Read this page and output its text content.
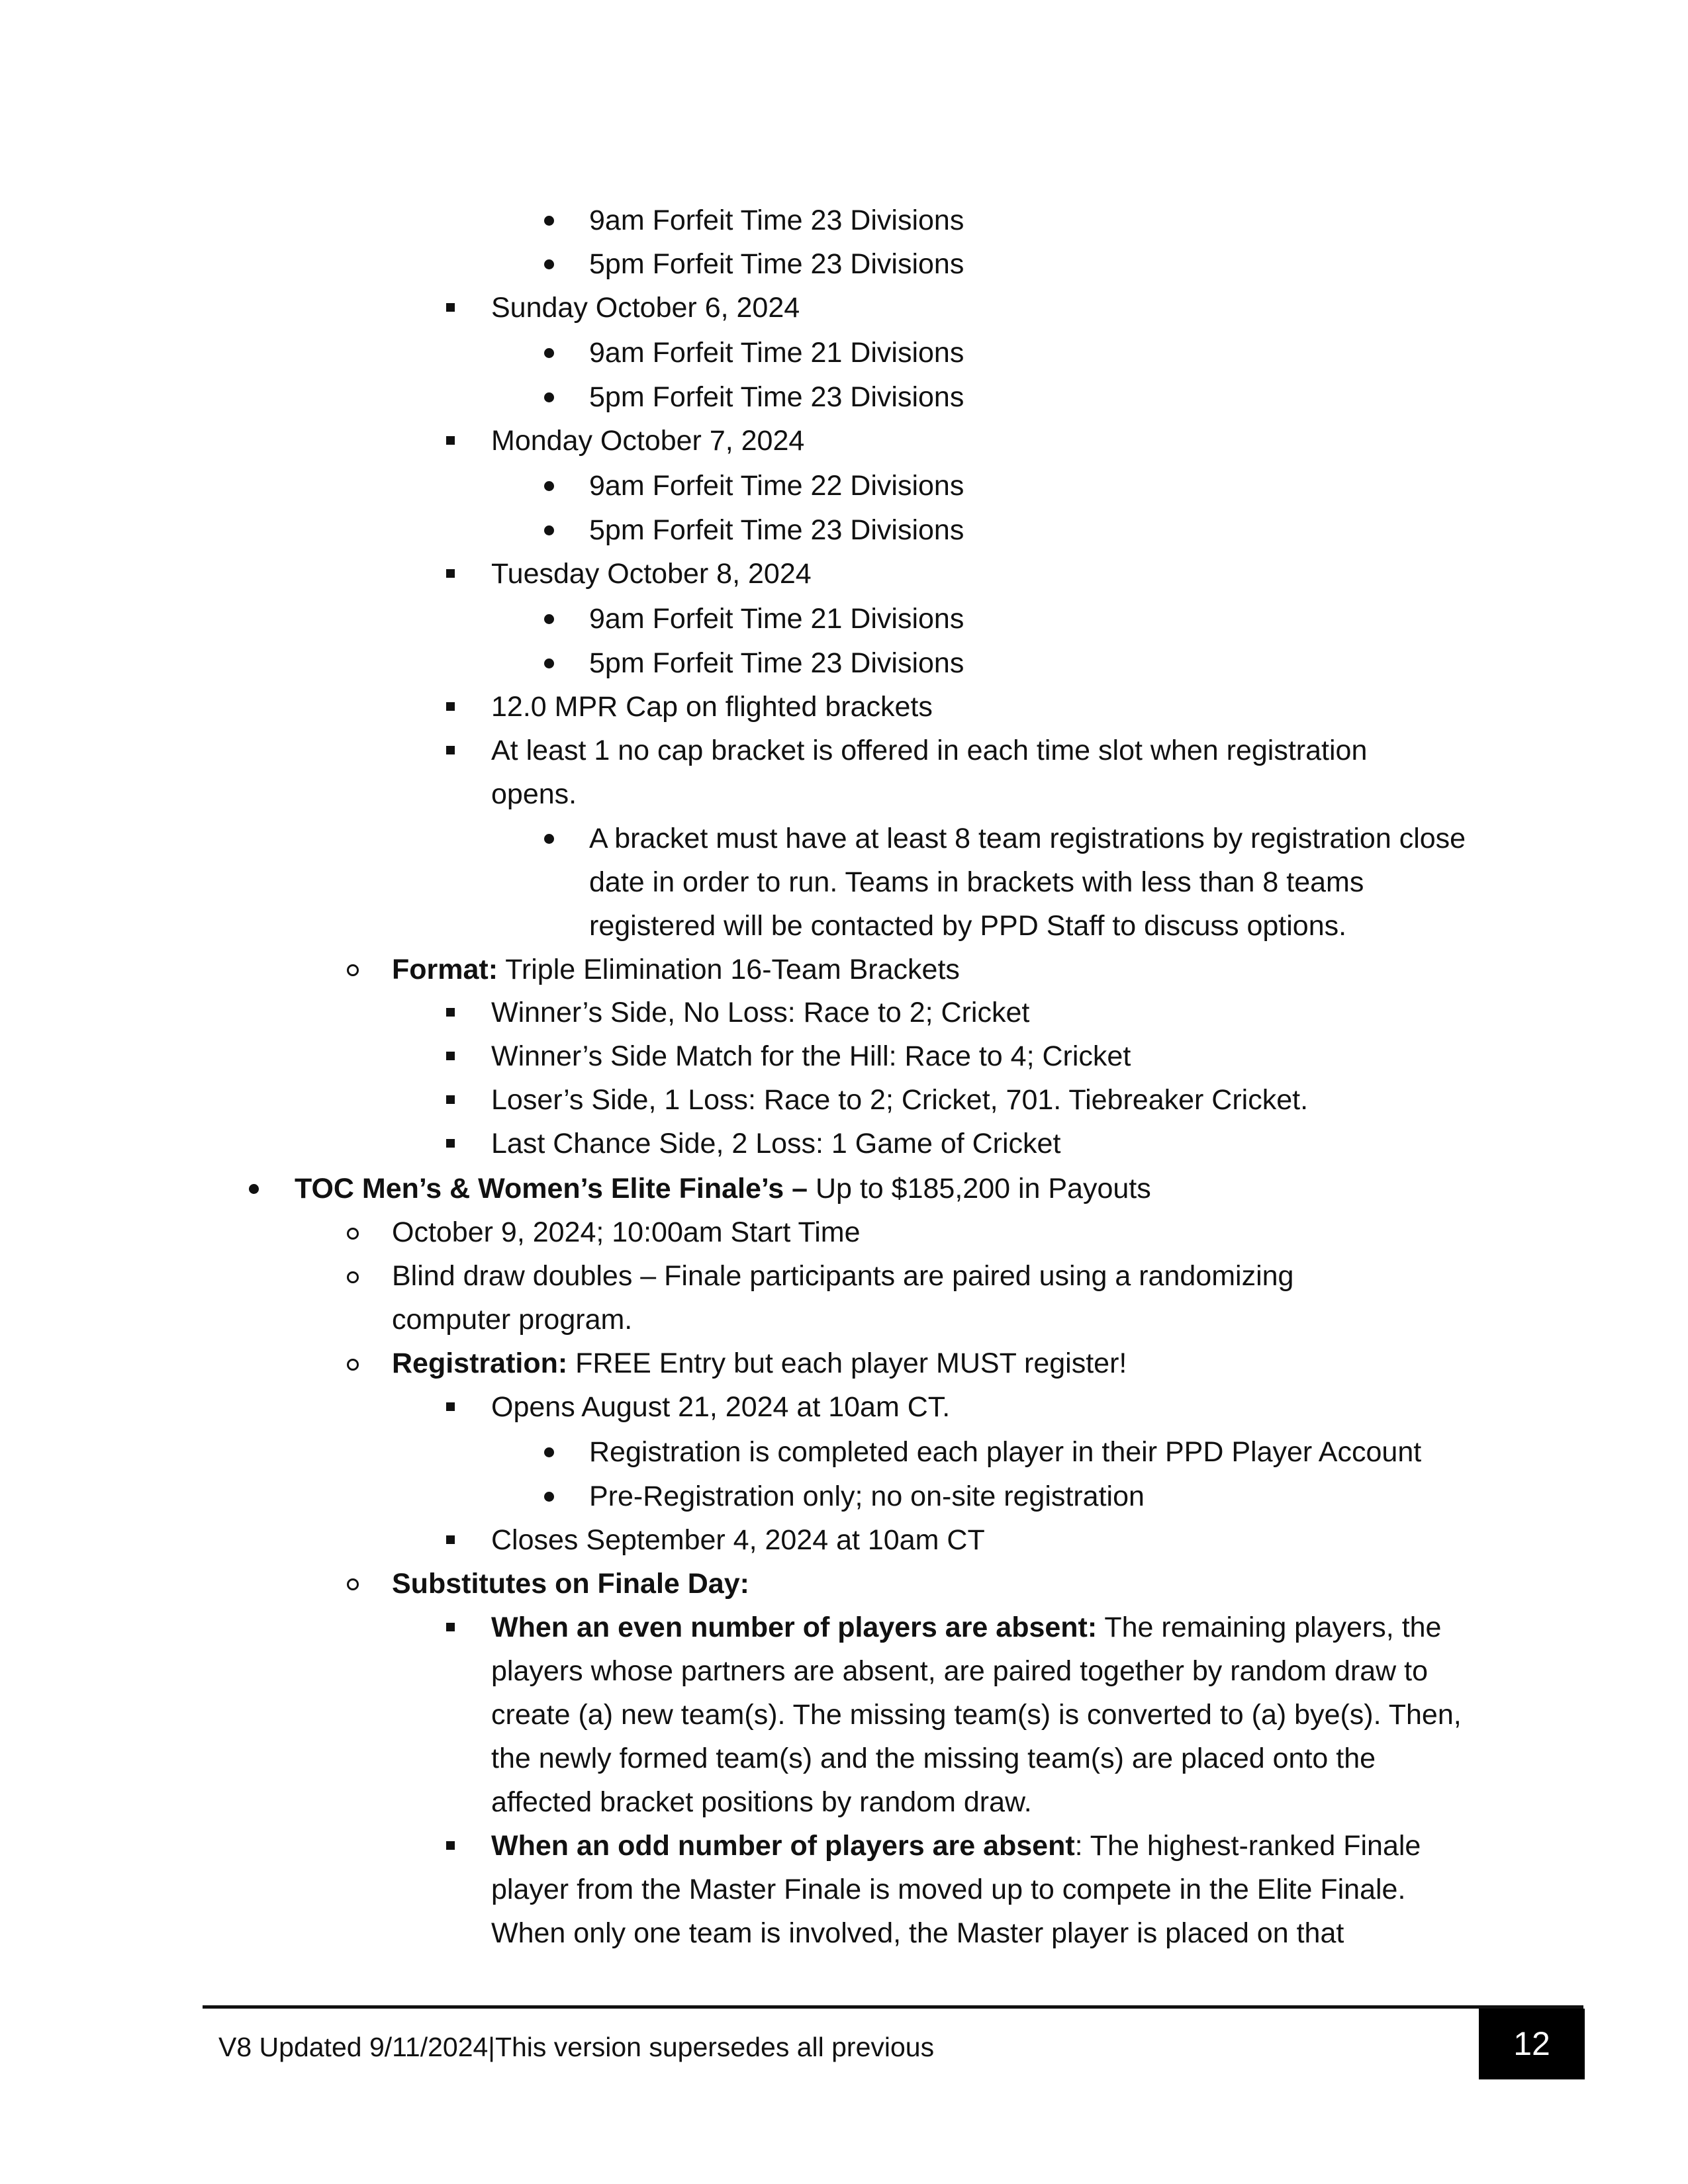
9am Forfeit Time 23 Divisions
5pm Forfeit Time 23 Divisions
Sunday October 6, 2024
9am Forfeit Time 21 Divisions
5pm Forfeit Time 23 Divisions
Monday October 7, 2024
9am Forfeit Time 22 Divisions
5pm Forfeit Time 23 Divisions
Tuesday October 8, 2024
9am Forfeit Time 21 Divisions
5pm Forfeit Time 23 Divisions
12.0 MPR Cap on flighted brackets
At least 1 no cap bracket is offered in each time slot when registration opens.
A bracket must have at least 8 team registrations by registration close date in order to run. Teams in brackets with less than 8 teams registered will be contacted by PPD Staff to discuss options.
Format: Triple Elimination 16-Team Brackets
Winner’s Side, No Loss: Race to 2; Cricket
Winner’s Side Match for the Hill: Race to 4; Cricket
Loser’s Side, 1 Loss: Race to 2; Cricket, 701. Tiebreaker Cricket.
Last Chance Side, 2 Loss: 1 Game of Cricket
TOC Men’s & Women’s Elite Finale’s – Up to $185,200 in Payouts
October 9, 2024; 10:00am Start Time
Blind draw doubles – Finale participants are paired using a randomizing computer program.
Registration: FREE Entry but each player MUST register!
Opens August 21, 2024 at 10am CT.
Registration is completed each player in their PPD Player Account
Pre-Registration only; no on-site registration
Closes September 4, 2024 at 10am CT
Substitutes on Finale Day:
When an even number of players are absent: The remaining players, the players whose partners are absent, are paired together by random draw to create (a) new team(s). The missing team(s) is converted to (a) bye(s). Then, the newly formed team(s) and the missing team(s) are placed onto the affected bracket positions by random draw.
When an odd number of players are absent: The highest-ranked Finale player from the Master Finale is moved up to compete in the Elite Finale. When only one team is involved, the Master player is placed on that
V8 Updated 9/11/2024|This version supersedes all previous	12
